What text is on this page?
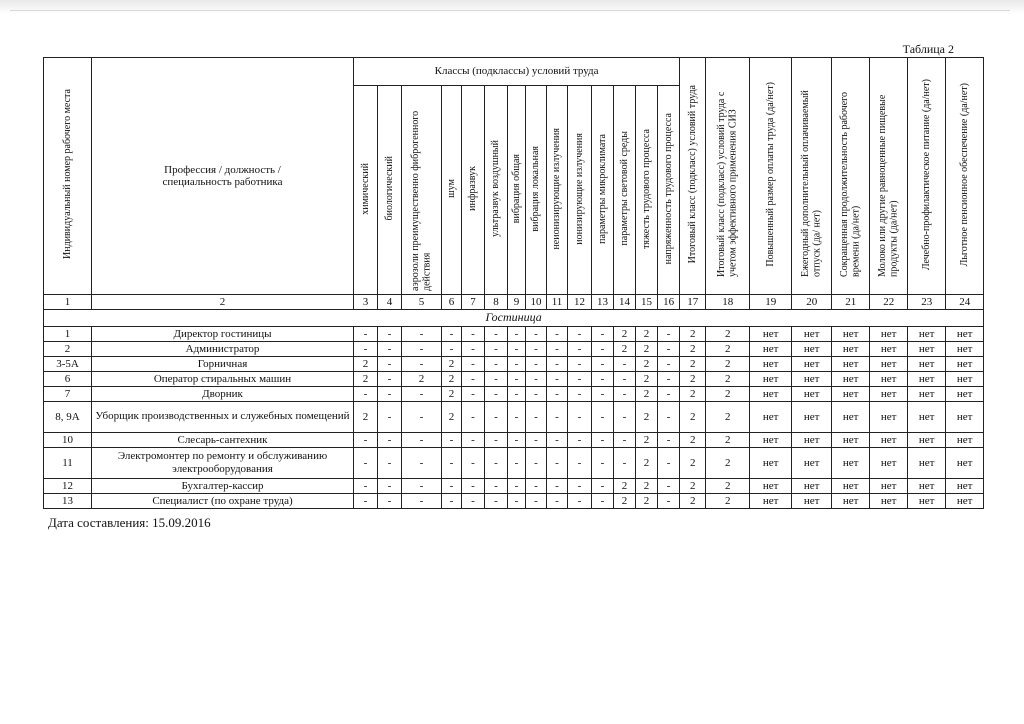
Таблица 2
Индивидуальный номер рабочего места	Профессия / должность / специальность работника	Классы (подклассы) условий труда														Итоговый класс (подкласс) условий труда	Итоговый класс (подкласс) условий труда с учетом эффективного применения СИЗ	Повышенный размер оплаты труда (да/нет)	Ежегодный дополнительный оплачиваемый отпуск (да/ нет)	Сокращенная продолжительность рабочего времени (да/нет)	Молоко или другие равноценные пищевые продукты (да/нет)	Лечебно-профилактическое питание (да/нет)	Льготное пенсионное обеспечение (да/нет)
		химический	биологический	аэрозоли преимущественно фиброгенного действия	шум	инфразвук	ультразвук воздушный	вибрация общая	вибрация локальная	неионизирующие излучения	ионизирующие излучения	параметры микроклимата	параметры световой среды	тяжесть трудового процесса	напряженность трудового процесса								
1	2	3	4	5	6	7	8	9	10	11	12	13	14	15	16	17	18	19	20	21	22	23	24
Гостиница																							
1	Директор гостиницы	-	-	-	-	-	-	-	-	-	-	-	2	2	-	2	2	нет	нет	нет	нет	нет	нет
2	Администратор	-	-	-	-	-	-	-	-	-	-	-	2	2	-	2	2	нет	нет	нет	нет	нет	нет
3-5А	Горничная	2	-	-	2	-	-	-	-	-	-	-	-	2	-	2	2	нет	нет	нет	нет	нет	нет
6	Оператор стиральных машин	2	-	2	2	-	-	-	-	-	-	-	-	2	-	2	2	нет	нет	нет	нет	нет	нет
7	Дворник	-	-	-	2	-	-	-	-	-	-	-	-	2	-	2	2	нет	нет	нет	нет	нет	нет
8, 9А	Уборщик производственных и служебных помещений	2	-	-	2	-	-	-	-	-	-	-	-	2	-	2	2	нет	нет	нет	нет	нет	нет
10	Слесарь-сантехник	-	-	-	-	-	-	-	-	-	-	-	-	2	-	2	2	нет	нет	нет	нет	нет	нет
11	Электромонтер по ремонту и обслуживанию электрооборудования	-	-	-	-	-	-	-	-	-	-	-	-	2	-	2	2	нет	нет	нет	нет	нет	нет
12	Бухгалтер-кассир	-	-	-	-	-	-	-	-	-	-	-	2	2	-	2	2	нет	нет	нет	нет	нет	нет
13	Специалист (по охране труда)	-	-	-	-	-	-	-	-	-	-	-	2	2	-	2	2	нет	нет	нет	нет	нет	нет
Дата составления: 15.09.2016
